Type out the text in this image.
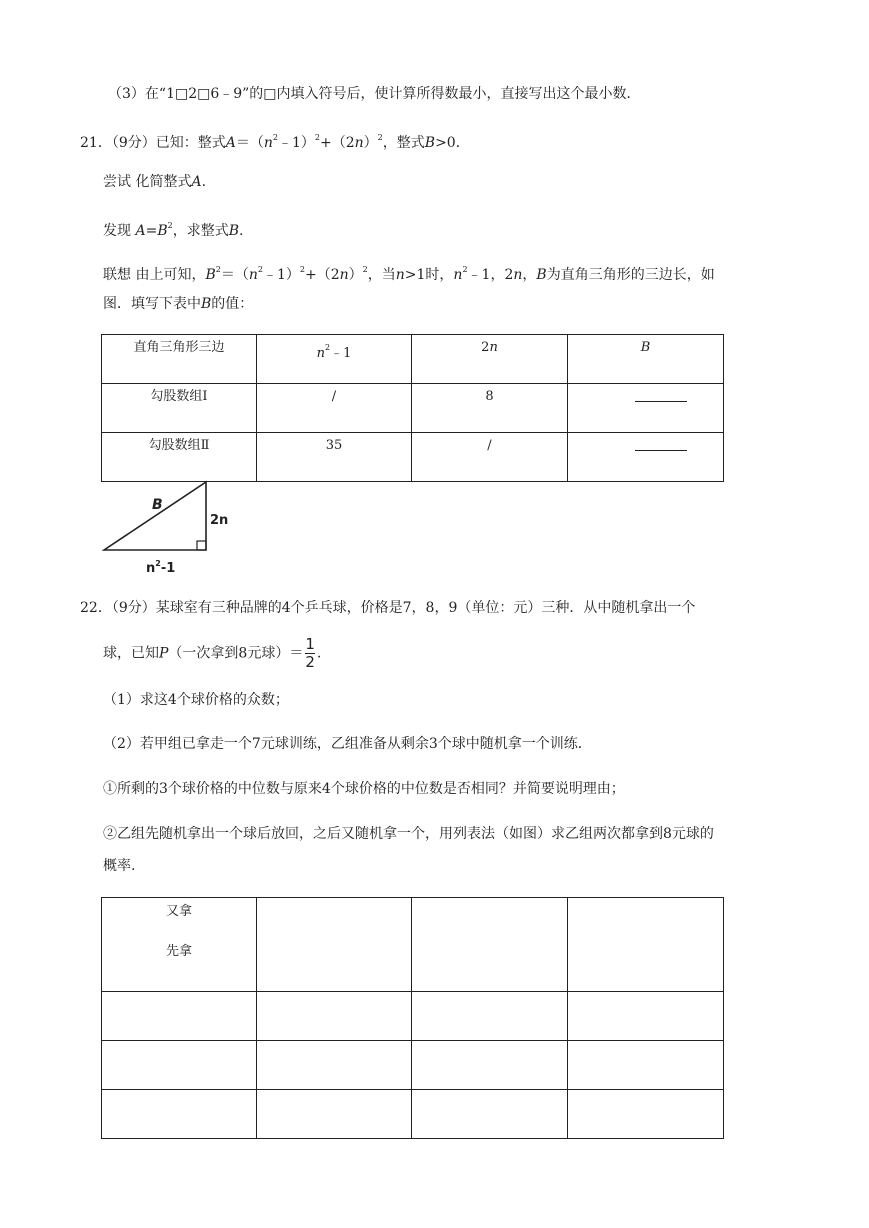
（3）在“1□2□6﹣9”的□内填入符号后，使计算所得数最小，直接写出这个最小数．
21．（9分）已知：整式$A=(n^2﹣1)^2+(2n)^2$，整式B>0．
尝试 化简整式A.
发现 $A=B^2$，求整式B.
联想 由上可知，$B^2=(n^2﹣1)^2+(2n)^2$，当n>1时，$n^2﹣1$，2n，B为直角三角形的三边长，如
图．填写下表中B的值：
直角三角形三边	$n^2﹣1$	2n	B

勾股数组Ⅰ	/	8	

勾股数组Ⅱ	35	/	

B
2n
$n^2-1$
22．（9分）某球室有三种品牌的4个乒乓球，价格是7，8，9（单位：元）三种．从中随机拿出一个
球，已知P（一次拿到8元球）＝ $\frac{1}{2}$ .
（1）求这4个球价格的众数；
（2）若甲组已拿走一个7元球训练，乙组准备从剩余3个球中随机拿一个训练．
①所剩的3个球价格的中位数与原来4个球价格的中位数是否相同？并简要说明理由；
②乙组先随机拿出一个球后放回，之后又随机拿一个，用列表法（如图）求乙组两次都拿到8元球的
概率.
又拿
先拿			
